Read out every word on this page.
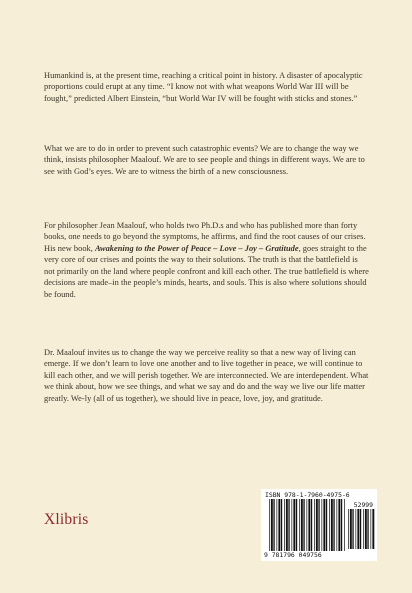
Humankind is, at the present time, reaching a critical point in history. A disaster of apocalyptic proportions could erupt at any time. “I know not with what weapons World War III will be fought,” predicted Albert Einstein, “but World War IV will be fought with sticks and stones.”

What we are to do in order to prevent such catastrophic events? We are to change the way we think, insists philosopher Maalouf. We are to see people and things in different ways. We are to see with God’s eyes. We are to witness the birth of a new consciousness.

For philosopher Jean Maalouf, who holds two Ph.D.s and who has published more than forty books, one needs to go beyond the symptoms, he affirms, and find the root causes of our crises. His new book, Awakening to the Power of Peace – Love – Joy – Gratitude, goes straight to the very core of our crises and points the way to their solutions. The truth is that the battlefield is not primarily on the land where people confront and kill each other. The true battlefield is where decisions are made–in the people’s minds, hearts, and souls. This is also where solutions should be found.

Dr. Maalouf invites us to change the way we perceive reality so that a new way of living can emerge. If we don’t learn to love one another and to live together in peace, we will continue to kill each other, and we will perish together. We are interconnected. We are interdependent. What we think about, how we see things, and what we say and do and the way we live our life matter greatly. We-ly (all of us together), we should live in peace, love, joy, and gratitude.

Xlibris
ISBN 978-1-7960-4975-6
52999
9 781796 049756
